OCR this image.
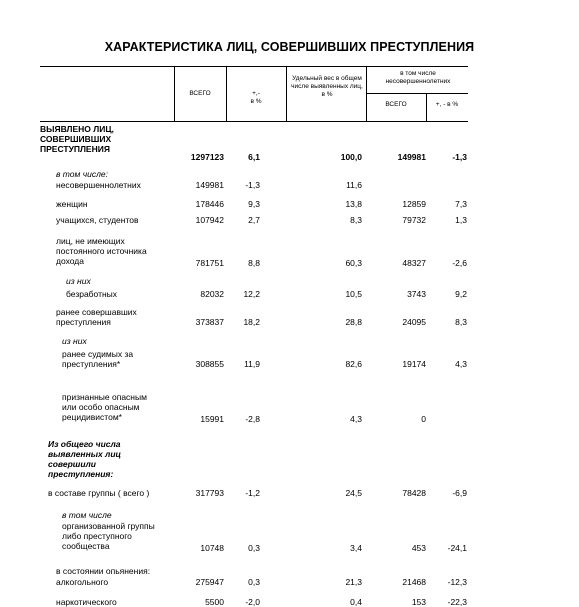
ХАРАКТЕРИСТИКА ЛИЦ, СОВЕРШИВШИХ ПРЕСТУПЛЕНИЯ
ВСЕГО	+,-
в %
Удельный вес в общем числе выявленных лиц, в %
в том числе несовершеннолетних
ВСЕГО	+, - в %
ВЫЯВЛЕНО ЛИЦ,
СОВЕРШИВШИХ
ПРЕСТУПЛЕНИЯ
1297123	6,1	100,0	149981	-1,3
в том числе:
несовершеннолетних	149981	-1,3	11,6
женщин	178446	9,3	13,8	12859	7,3
учащихся, студентов	107942	2,7	8,3	79732	1,3
лиц, не имеющих
постоянного источника
дохода	781751	8,8	60,3	48327	-2,6
из них
безработных	82032	12,2	10,5	3743	9,2
ранее совершавших
преступления	373837	18,2	28,8	24095	8,3
из них
ранее судимых за
преступления*	308855	11,9	82,6	19174	4,3
признанные опасным
или особо опасным
рецидивистом*	15991	-2,8	4,3	0
Из общего числа
выявленных лиц
совершили
преступления:
в составе группы ( всего )	317793	-1,2	24,5	78428	-6,9
в том числе
организованной группы
либо преступного
сообщества	10748	0,3	3,4	453	-24,1
в состоянии опьянения:
алкогольного	275947	0,3	21,3	21468	-12,3
наркотического	5500	-2,0	0,4	153	-22,3
